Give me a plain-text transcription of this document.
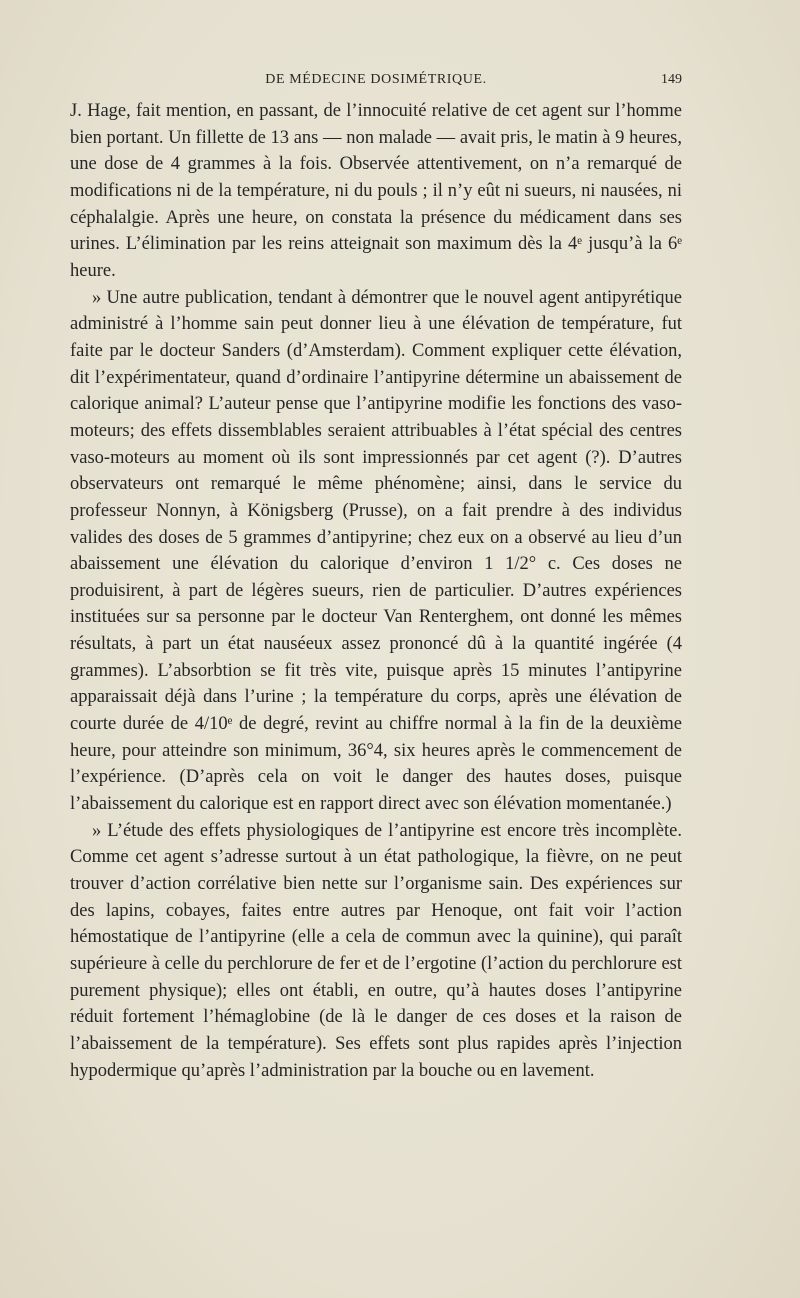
DE MÉDECINE DOSIMÉTRIQUE.	149

J. Hage, fait mention, en passant, de l’innocuité relative de cet agent sur l’homme bien portant. Un fillette de 13 ans — non malade — avait pris, le matin à 9 heures, une dose de 4 grammes à la fois. Observée attentivement, on n’a remarqué de modifications ni de la température, ni du pouls ; il n’y eût ni sueurs, ni nausées, ni céphalalgie. Après une heure, on constata la présence du médicament dans ses urines. L’élimination par les reins atteignait son maximum dès la 4ᵉ jusqu’à la 6ᵉ heure.

» Une autre publication, tendant à démontrer que le nouvel agent antipyrétique administré à l’homme sain peut donner lieu à une élévation de température, fut faite par le docteur Sanders (d’Amsterdam). Comment expliquer cette élévation, dit l’expérimentateur, quand d’ordinaire l’antipyrine détermine un abaissement de calorique animal? L’auteur pense que l’antipyrine modifie les fonctions des vaso-moteurs; des effets dissemblables seraient attribuables à l’état spécial des centres vaso-moteurs au moment où ils sont impressionnés par cet agent (?). D’autres observateurs ont remarqué le même phénomène; ainsi, dans le service du professeur Nonnyn, à Königsberg (Prusse), on a fait prendre à des individus valides des doses de 5 grammes d’antipyrine; chez eux on a observé au lieu d’un abaissement une élévation du calorique d’environ 1 1/2° c. Ces doses ne produisirent, à part de légères sueurs, rien de particulier. D’autres expériences instituées sur sa personne par le docteur Van Renterghem, ont donné les mêmes résultats, à part un état nauséeux assez prononcé dû à la quantité ingérée (4 grammes). L’absorbtion se fit très vite, puisque après 15 minutes l’antipyrine apparaissait déjà dans l’urine ; la température du corps, après une élévation de courte durée de 4/10ᵉ de degré, revint au chiffre normal à la fin de la deuxième heure, pour atteindre son minimum, 36°4, six heures après le commencement de l’expérience. (D’après cela on voit le danger des hautes doses, puisque l’abaissement du calorique est en rapport direct avec son élévation momentanée.)

» L’étude des effets physiologiques de l’antipyrine est encore très incomplète. Comme cet agent s’adresse surtout à un état pathologique, la fièvre, on ne peut trouver d’action corrélative bien nette sur l’organisme sain. Des expériences sur des lapins, cobayes, faites entre autres par Henoque, ont fait voir l’action hémostatique de l’antipyrine (elle a cela de commun avec la quinine), qui paraît supérieure à celle du perchlorure de fer et de l’ergotine (l’action du perchlorure est purement physique); elles ont établi, en outre, qu’à hautes doses l’antipyrine réduit fortement l’hémaglobine (de là le danger de ces doses et la raison de l’abaissement de la température). Ses effets sont plus rapides après l’injection hypodermique qu’après l’administration par la bouche ou en lavement.
